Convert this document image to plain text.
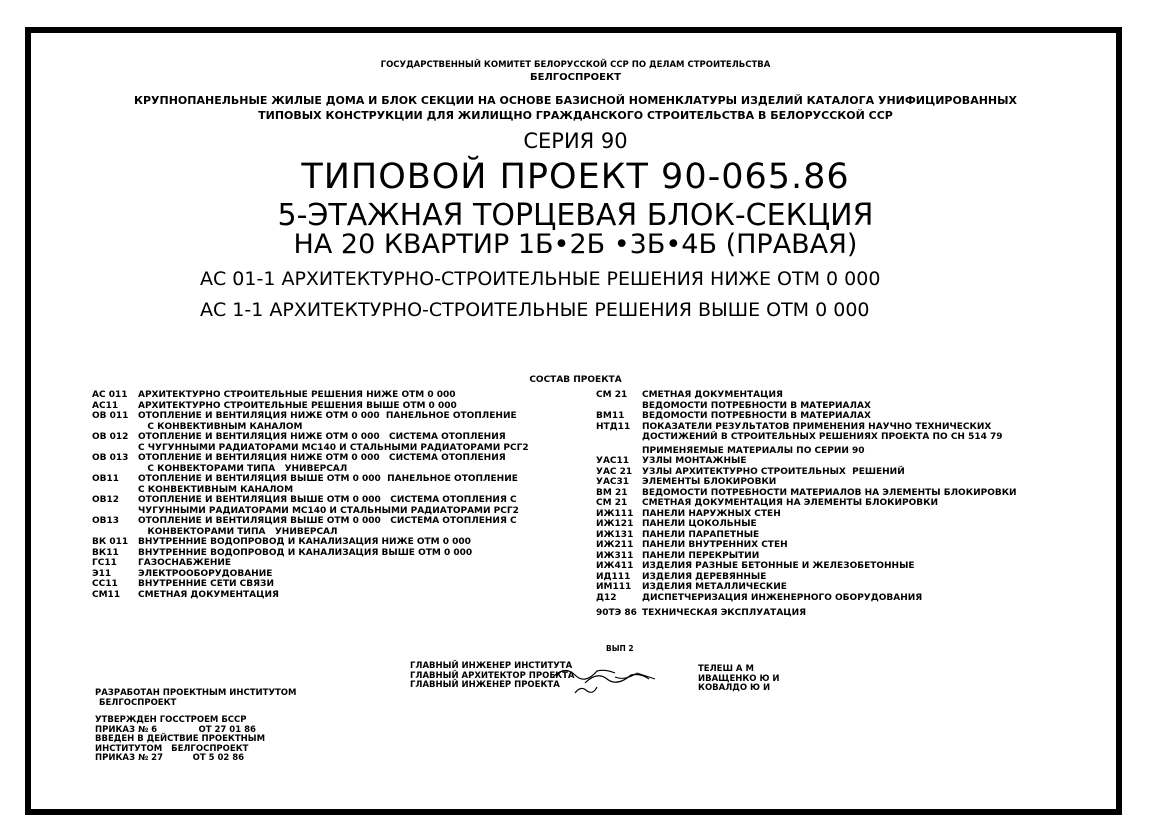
ГОСУДАРСТВЕННЫЙ КОМИТЕТ БЕЛОРУССКОЙ ССР ПО ДЕЛАМ СТРОИТЕЛЬСТВА
БЕЛГОСПРОЕКТ
КРУПНОПАНЕЛЬНЫЕ ЖИЛЫЕ ДОМА И БЛОК СЕКЦИИ НА ОСНОВЕ БАЗИСНОЙ НОМЕНКЛАТУРЫ ИЗДЕЛИЙ КАТАЛОГА УНИФИЦИРОВАННЫХ
ТИПОВЫХ КОНСТРУКЦИИ ДЛЯ ЖИЛИЩНО ГРАЖДАНСКОГО СТРОИТЕЛЬСТВА В БЕЛОРУССКОЙ ССР
СЕРИЯ 90
ТИПОВОЙ ПРОЕКТ 90-065.86
5-ЭТАЖНАЯ ТОРЦЕВАЯ БЛОК-СЕКЦИЯ
НА 20 КВАРТИР 1Б•2Б •3Б•4Б (ПРАВАЯ)
АС 01-1 АРХИТЕКТУРНО-СТРОИТЕЛЬНЫЕ РЕШЕНИЯ НИЖЕ ОТМ 0 000
АС 1-1 АРХИТЕКТУРНО-СТРОИТЕЛЬНЫЕ РЕШЕНИЯ ВЫШЕ ОТМ 0 000
СОСТАВ ПРОЕКТА
АС 011	АРХИТЕКТУРНО СТРОИТЕЛЬНЫЕ РЕШЕНИЯ НИЖЕ ОТМ 0 000
АС11	АРХИТЕКТУРНО СТРОИТЕЛЬНЫЕ РЕШЕНИЯ ВЫШЕ ОТМ 0 000
ОВ 011	ОТОПЛЕНИЕ И ВЕНТИЛЯЦИЯ НИЖЕ ОТМ 0 000  ПАНЕЛЬНОЕ ОТОПЛЕНИЕ
С КОНВЕКТИВНЫМ КАНАЛОМ
ОВ 012	ОТОПЛЕНИЕ И ВЕНТИЛЯЦИЯ НИЖЕ ОТМ 0 000   СИСТЕМА ОТОПЛЕНИЯ
С ЧУГУННЫМИ РАДИАТОРАМИ МС140 И СТАЛЬНЫМИ РАДИАТОРАМИ РСГ2
ОВ 013	ОТОПЛЕНИЕ И ВЕНТИЛЯЦИЯ НИЖЕ ОТМ 0 000   СИСТЕМА ОТОПЛЕНИЯ
С КОНВЕКТОРАМИ ТИПА   УНИВЕРСАЛ
ОВ11	ОТОПЛЕНИЕ И ВЕНТИЛЯЦИЯ ВЫШЕ ОТМ 0 000  ПАНЕЛЬНОЕ ОТОПЛЕНИЕ
С КОНВЕКТИВНЫМ КАНАЛОМ
ОВ12	ОТОПЛЕНИЕ И ВЕНТИЛЯЦИЯ ВЫШЕ ОТМ 0 000   СИСТЕМА ОТОПЛЕНИЯ С
ЧУГУННЫМИ РАДИАТОРАМИ МС140 И СТАЛЬНЫМИ РАДИАТОРАМИ РСГ2
ОВ13	ОТОПЛЕНИЕ И ВЕНТИЛЯЦИЯ ВЫШЕ ОТМ 0 000   СИСТЕМА ОТОПЛЕНИЯ С
КОНВЕКТОРАМИ ТИПА   УНИВЕРСАЛ
ВК 011	ВНУТРЕННИЕ ВОДОПРОВОД И КАНАЛИЗАЦИЯ НИЖЕ ОТМ 0 000
ВК11	ВНУТРЕННИЕ ВОДОПРОВОД И КАНАЛИЗАЦИЯ ВЫШЕ ОТМ 0 000
ГС11	ГАЗОСНАБЖЕНИЕ
Э11	ЭЛЕКТРООБОРУДОВАНИЕ
СС11	ВНУТРЕННИЕ СЕТИ СВЯЗИ
СМ11	СМЕТНАЯ ДОКУМЕНТАЦИЯ
СМ 21	СМЕТНАЯ ДОКУМЕНТАЦИЯ
ВЕДОМОСТИ ПОТРЕБНОСТИ В МАТЕРИАЛАХ
ВМ11	ВЕДОМОСТИ ПОТРЕБНОСТИ В МАТЕРИАЛАХ
НТД11	ПОКАЗАТЕЛИ РЕЗУЛЬТАТОВ ПРИМЕНЕНИЯ НАУЧНО ТЕХНИЧЕСКИХ
ДОСТИЖЕНИЙ В СТРОИТЕЛЬНЫХ РЕШЕНИЯХ ПРОЕКТА ПО СН 514 79
ПРИМЕНЯЕМЫЕ МАТЕРИАЛЫ ПО СЕРИИ 90
УАС11	УЗЛЫ МОНТАЖНЫЕ
УАС 21	УЗЛЫ АРХИТЕКТУРНО СТРОИТЕЛЬНЫХ  РЕШЕНИЙ
УАС31	ЭЛЕМЕНТЫ БЛОКИРОВКИ
ВМ 21	ВЕДОМОСТИ ПОТРЕБНОСТИ МАТЕРИАЛОВ НА ЭЛЕМЕНТЫ БЛОКИРОВКИ
СМ 21	СМЕТНАЯ ДОКУМЕНТАЦИЯ НА ЭЛЕМЕНТЫ БЛОКИРОВКИ
ИЖ111 ПАНЕЛИ НАРУЖНЫХ СТЕН
ИЖ121 ПАНЕЛИ ЦОКОЛЬНЫЕ
ИЖ131 ПАНЕЛИ ПАРАПЕТНЫЕ
ИЖ211 ПАНЕЛИ ВНУТРЕННИХ СТЕН
ИЖ311 ПАНЕЛИ ПЕРЕКРЫТИИ
ИЖ411 ИЗДЕЛИЯ РАЗНЫЕ БЕТОННЫЕ И ЖЕЛЕЗОБЕТОННЫЕ
ИД111	ИЗДЕЛИЯ ДЕРЕВЯННЫЕ
ИМ111	ИЗДЕЛИЯ МЕТАЛЛИЧЕСКИЕ
Д12	ДИСПЕТЧЕРИЗАЦИЯ ИНЖЕНЕРНОГО ОБОРУДОВАНИЯ
90ТЭ 86 ТЕХНИЧЕСКАЯ ЭКСПЛУАТАЦИЯ
ВЫП 2
ГЛАВНЫЙ ИНЖЕНЕР ИНСТИТУТА
ГЛАВНЫЙ АРХИТЕКТОР ПРОЕКТА
ГЛАВНЫЙ ИНЖЕНЕР ПРОЕКТА
ТЕЛЕШ А М
ИВАЩЕНКО Ю И
КОВАЛДО Ю И
РАЗРАБОТАН ПРОЕКТНЫМ ИНСТИТУТОМ
БЕЛГОСПРОЕКТ
УТВЕРЖДЕН ГОССТРОЕМ БССР
ПРИКАЗ № 6              ОТ 27 01 86
ВВЕДЕН В ДЕЙСТВИЕ ПРОЕКТНЫМ
ИНСТИТУТОМ   БЕЛГОСПРОЕКТ
ПРИКАЗ № 27          ОТ 5 02 86
